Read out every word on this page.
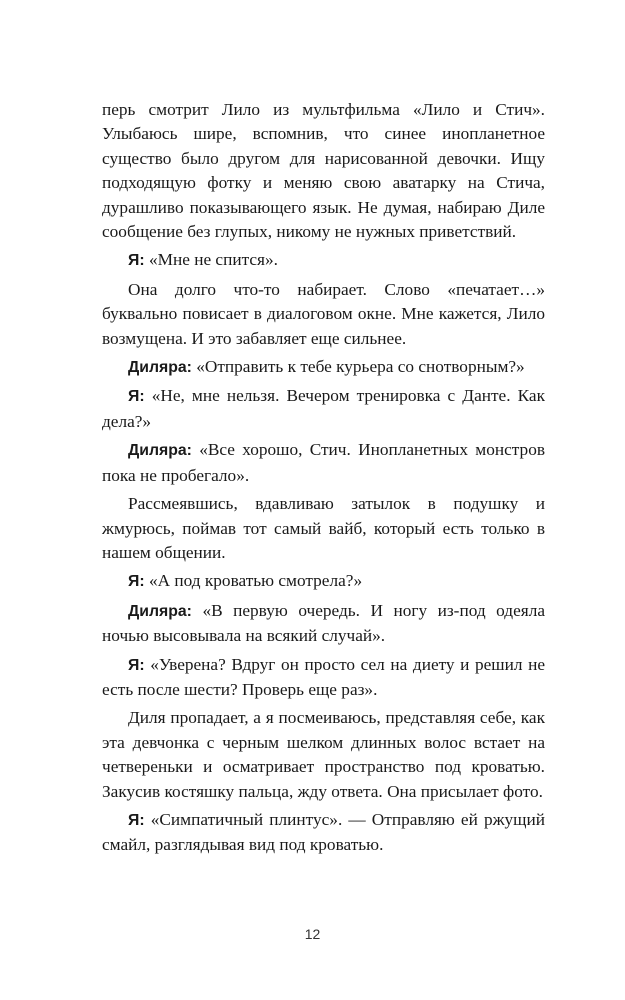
перь смотрит Лило из мультфильма «Лило и Стич». Улыбаюсь шире, вспомнив, что синее инопланетное существо было другом для нарисованной девочки. Ищу подходящую фотку и меняю свою аватарку на Стича, дурашливо показывающего язык. Не думая, набираю Диле сообщение без глупых, никому не нужных приветствий.

Я: «Мне не спится».

Она долго что-то набирает. Слово «печатает…» буквально повисает в диалоговом окне. Мне кажется, Лило возмущена. И это забавляет еще сильнее.

Диляра: «Отправить к тебе курьера со снотворным?»

Я: «Не, мне нельзя. Вечером тренировка с Данте. Как дела?»

Диляра: «Все хорошо, Стич. Инопланетных монстров пока не пробегало».

Рассмеявшись, вдавливаю затылок в подушку и жмурюсь, поймав тот самый вайб, который есть только в нашем общении.

Я: «А под кроватью смотрела?»

Диляра: «В первую очередь. И ногу из-под одеяла ночью высовывала на всякий случай».

Я: «Уверена? Вдруг он просто сел на диету и решил не есть после шести? Проверь еще раз».

Диля пропадает, а я посмеиваюсь, представляя себе, как эта девчонка с черным шелком длинных волос встает на четвереньки и осматривает пространство под кроватью. Закусив костяшку пальца, жду ответа. Она присылает фото.

Я: «Симпатичный плинтус». — Отправляю ей ржущий смайл, разглядывая вид под кроватью.

12
